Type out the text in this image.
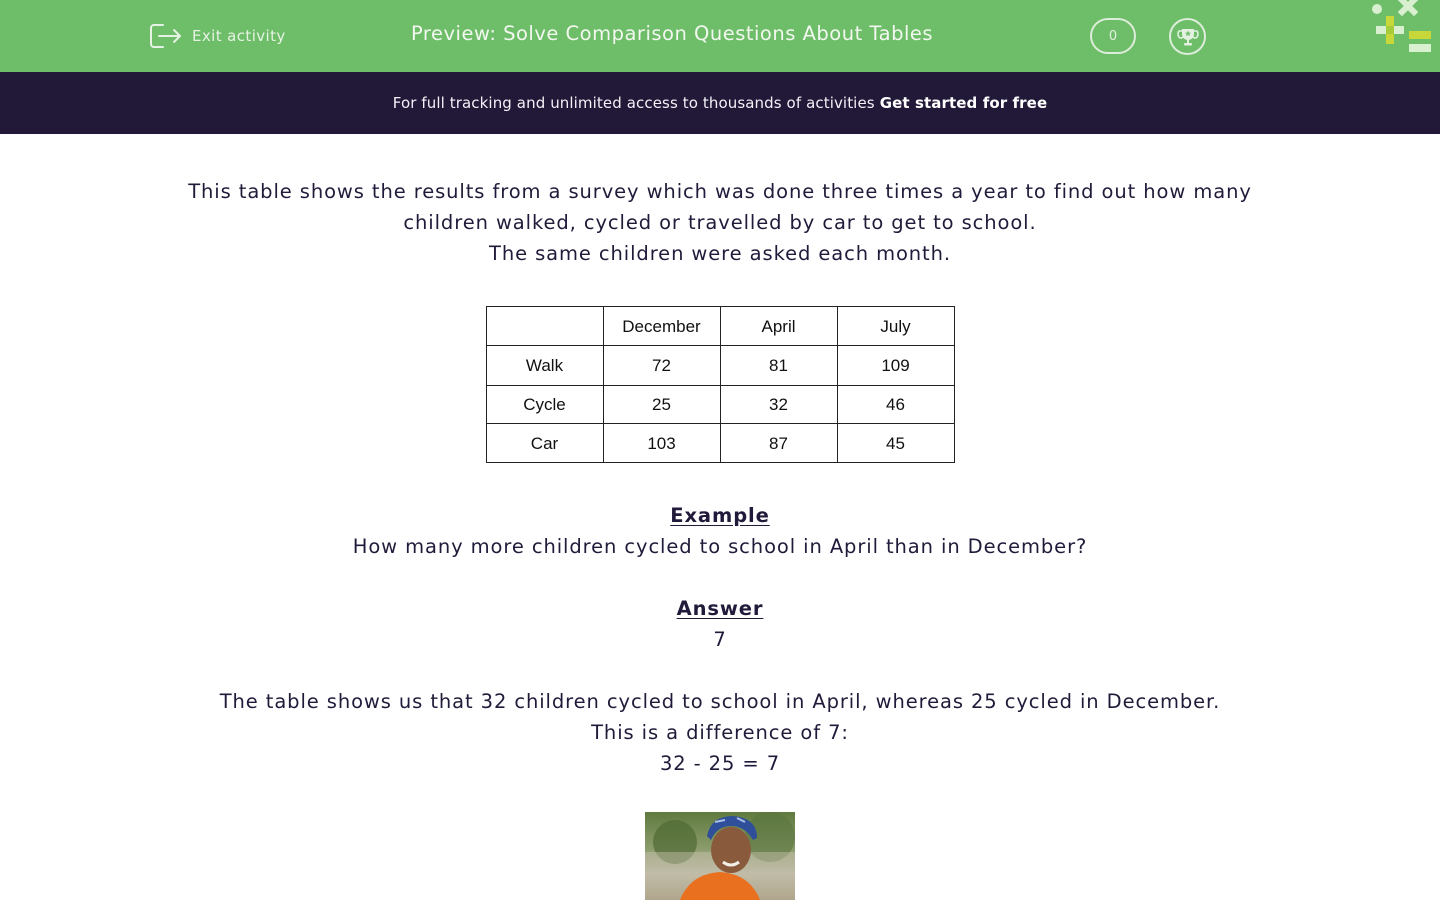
Exit activity	Preview: Solve Comparison Questions About Tables	0
For full tracking and unlimited access to thousands of activities Get started for free

This table shows the results from a survey which was done three times a year to find out how many

children walked, cycled or travelled by car to get to school.

The same children were asked each month.

	December	April	July
Walk	72	81	109
Cycle	25	32	46
Car	103	87	45

Example

How many more children cycled to school in April than in December?

Answer

7

The table shows us that 32 children cycled to school in April, whereas 25 cycled in December.

This is a difference of 7:

32 - 25 = 7
